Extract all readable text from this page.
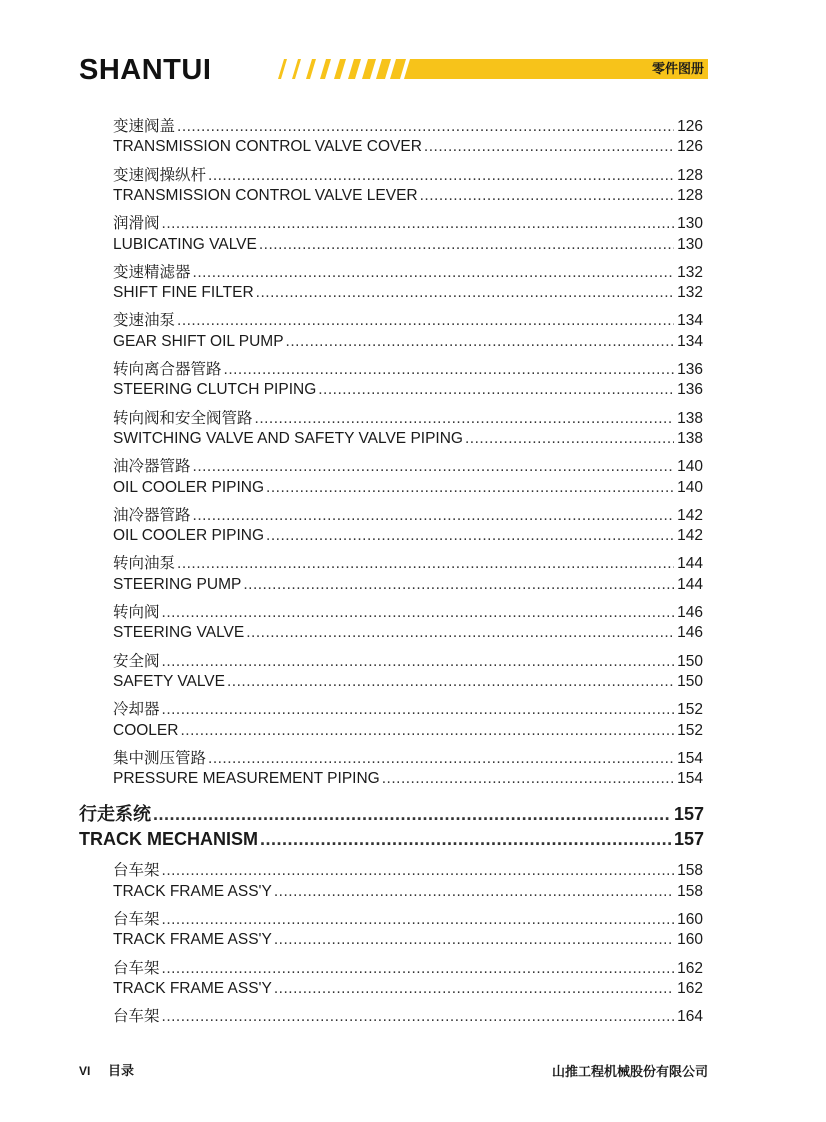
SHANTUI	零件图册
变速阀盖 .....	126
TRANSMISSION CONTROL VALVE COVER .....	126
变速阀操纵杆 .....	128
TRANSMISSION CONTROL VALVE LEVER .....	128
润滑阀 .....	130
LUBICATING VALVE .....	130
变速精滤器 .....	132
SHIFT FINE FILTER .....	132
变速油泵 .....	134
GEAR SHIFT OIL PUMP .....	134
转向离合器管路 .....	136
STEERING CLUTCH PIPING .....	136
转向阀和安全阀管路 .....	138
SWITCHING VALVE AND SAFETY VALVE PIPING .....	138
油冷器管路 .....	140
OIL COOLER PIPING .....	140
油冷器管路 .....	142
OIL COOLER PIPING .....	142
转向油泵 .....	144
STEERING PUMP .....	144
转向阀 .....	146
STEERING VALVE .....	146
安全阀 .....	150
SAFETY VALVE .....	150
冷却器 .....	152
COOLER .....	152
集中测压管路 .....	154
PRESSURE MEASUREMENT PIPING .....	154
行走系统 .....	157
TRACK MECHANISM .....	157
台车架 .....	158
TRACK FRAME ASS'Y .....	158
台车架 .....	160
TRACK FRAME ASS'Y .....	160
台车架 .....	162
TRACK FRAME ASS'Y .....	162
台车架 .....	164
VI 目录	山推工程机械股份有限公司
